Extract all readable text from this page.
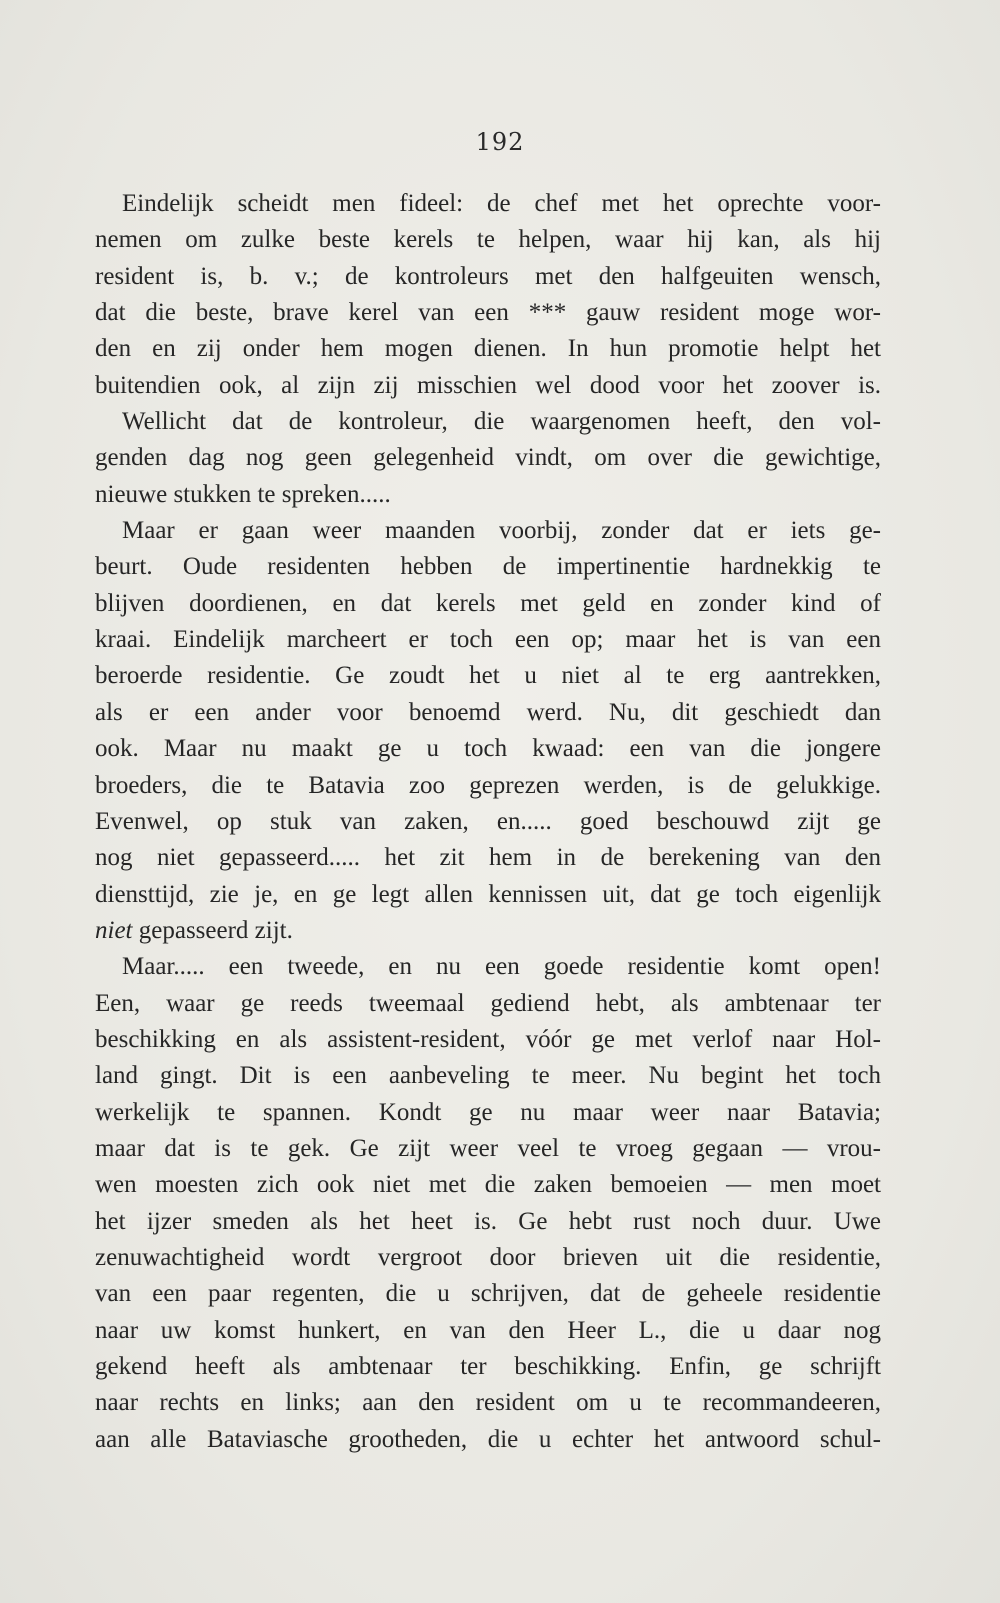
192
Eindelijk scheidt men fideel: de chef met het oprechte voor-
nemen om zulke beste kerels te helpen, waar hij kan, als hij
resident is, b. v.; de kontroleurs met den halfgeuiten wensch,
dat die beste, brave kerel van een *** gauw resident moge wor-
den en zij onder hem mogen dienen. In hun promotie helpt het
buitendien ook, al zijn zij misschien wel dood voor het zoover is.
Wellicht dat de kontroleur, die waargenomen heeft, den vol-
genden dag nog geen gelegenheid vindt, om over die gewichtige,
nieuwe stukken te spreken.....
Maar er gaan weer maanden voorbij, zonder dat er iets ge-
beurt. Oude residenten hebben de impertinentie hardnekkig te
blijven doordienen, en dat kerels met geld en zonder kind of
kraai. Eindelijk marcheert er toch een op; maar het is van een
beroerde residentie. Ge zoudt het u niet al te erg aantrekken,
als er een ander voor benoemd werd. Nu, dit geschiedt dan
ook. Maar nu maakt ge u toch kwaad: een van die jongere
broeders, die te Batavia zoo geprezen werden, is de gelukkige.
Evenwel, op stuk van zaken, en..... goed beschouwd zijt ge
nog niet gepasseerd..... het zit hem in de berekening van den
diensttijd, zie je, en ge legt allen kennissen uit, dat ge toch eigenlijk
niet gepasseerd zijt.
Maar..... een tweede, en nu een goede residentie komt open!
Een, waar ge reeds tweemaal gediend hebt, als ambtenaar ter
beschikking en als assistent-resident, vóór ge met verlof naar Hol-
land gingt. Dit is een aanbeveling te meer. Nu begint het toch
werkelijk te spannen. Kondt ge nu maar weer naar Batavia;
maar dat is te gek. Ge zijt weer veel te vroeg gegaan — vrou-
wen moesten zich ook niet met die zaken bemoeien — men moet
het ijzer smeden als het heet is. Ge hebt rust noch duur. Uwe
zenuwachtigheid wordt vergroot door brieven uit die residentie,
van een paar regenten, die u schrijven, dat de geheele residentie
naar uw komst hunkert, en van den Heer L., die u daar nog
gekend heeft als ambtenaar ter beschikking. Enfin, ge schrijft
naar rechts en links; aan den resident om u te recommandeeren,
aan alle Bataviasche grootheden, die u echter het antwoord schul-
